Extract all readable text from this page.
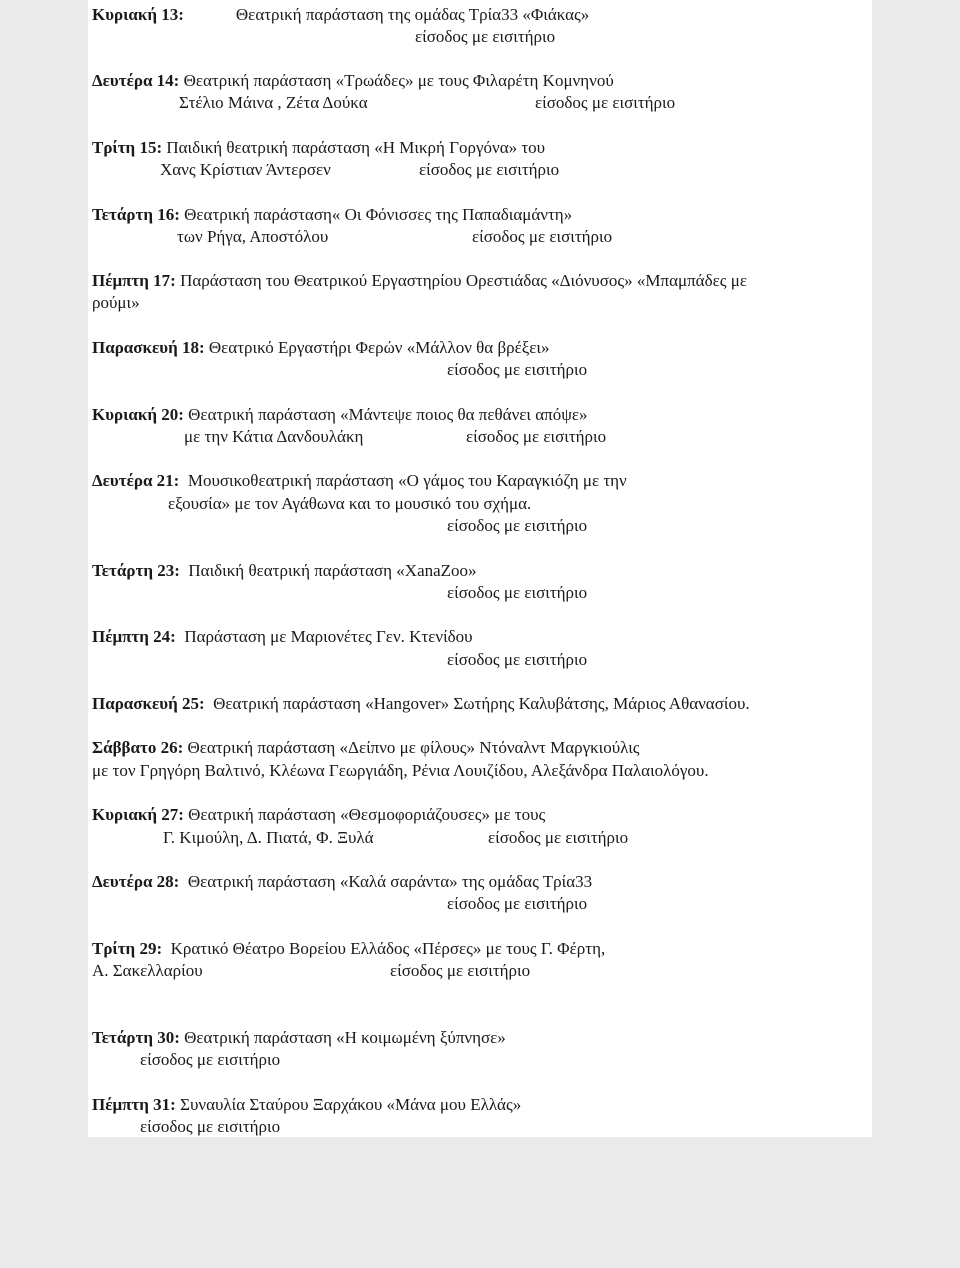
Κυριακή 13:	Θεατρική παράσταση της ομάδας Τρία33 «Φιάκας»
είσοδος με εισιτήριο
Δευτέρα 14: Θεατρική παράσταση «Τρωάδες» με τους Φιλαρέτη Κομνηνού
Στέλιο Μάινα , Ζέτα Δούκα	είσοδος με εισιτήριο
Τρίτη 15: Παιδική θεατρική παράσταση «Η Μικρή Γοργόνα» του
Χανς Κρίστιαν Άντερσεν	είσοδος με εισιτήριο
Τετάρτη 16: Θεατρική παράσταση« Οι Φόνισσες της Παπαδιαμάντη»
των Ρήγα, Αποστόλου	είσοδος με εισιτήριο
Πέμπτη 17: Παράσταση του Θεατρικού Εργαστηρίου Ορεστιάδας «Διόνυσος» «Μπαμπάδες με
ρούμι»
Παρασκευή 18: Θεατρικό Εργαστήρι Φερών «Μάλλον θα βρέξει»
είσοδος με εισιτήριο
Κυριακή 20: Θεατρική παράσταση «Μάντεψε ποιος θα πεθάνει απόψε»
με την Κάτια Δανδουλάκη	είσοδος με εισιτήριο
Δευτέρα 21: Μουσικοθεατρική παράσταση «Ο γάμος του Καραγκιόζη με την
εξουσία» με τον Αγάθωνα και το μουσικό του σχήμα.
είσοδος με εισιτήριο
Τετάρτη 23: Παιδική θεατρική παράσταση «XanaZoo»
είσοδος με εισιτήριο
Πέμπτη 24: Παράσταση με Μαριονέτες Γεν. Κτενίδου
είσοδος με εισιτήριο
Παρασκευή 25: Θεατρική παράσταση «Hangover» Σωτήρης Καλυβάτσης, Μάριος Αθανασίου.
Σάββατο 26: Θεατρική παράσταση «Δείπνο με φίλους» Ντόναλντ Μαργκιούλις
με τον Γρηγόρη Βαλτινό, Κλέωνα Γεωργιάδη, Ρένια Λουιζίδου, Αλεξάνδρα Παλαιολόγου.
Κυριακή 27: Θεατρική παράσταση «Θεσμοφοριάζουσες» με τους
Γ. Κιμούλη, Δ. Πιατά, Φ. Ξυλά	είσοδος με εισιτήριο
Δευτέρα 28: Θεατρική παράσταση «Καλά σαράντα» της ομάδας Τρία33
είσοδος με εισιτήριο
Τρίτη 29: Κρατικό Θέατρο Βορείου Ελλάδος «Πέρσες» με τους Γ. Φέρτη,
Α. Σακελλαρίου	είσοδος με εισιτήριο
Τετάρτη 30: Θεατρική παράσταση «Η κοιμωμένη ξύπνησε»
είσοδος με εισιτήριο
Πέμπτη 31: Συναυλία Σταύρου Ξαρχάκου «Μάνα μου Ελλάς»
είσοδος με εισιτήριο
